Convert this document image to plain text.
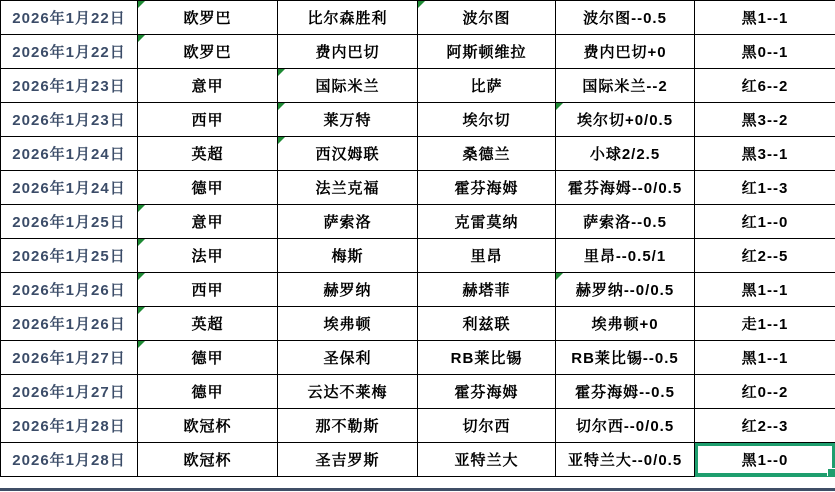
2026年1月22日	欧罗巴	比尔森胜利	波尔图	波尔图--0.5	黑1--1
2026年1月22日	欧罗巴	费内巴切	阿斯顿维拉	费内巴切+0	黑0--1
2026年1月23日	意甲	国际米兰	比萨	国际米兰--2	红6--2
2026年1月23日	西甲	莱万特	埃尔切	埃尔切+0/0.5	黑3--2
2026年1月24日	英超	西汉姆联	桑德兰	小球2/2.5	黑3--1
2026年1月24日	德甲	法兰克福	霍芬海姆	霍芬海姆--0/0.5	红1--3
2026年1月25日	意甲	萨索洛	克雷莫纳	萨索洛--0.5	红1--0
2026年1月25日	法甲	梅斯	里昂	里昂--0.5/1	红2--5
2026年1月26日	西甲	赫罗纳	赫塔菲	赫罗纳--0/0.5	黑1--1
2026年1月26日	英超	埃弗顿	利兹联	埃弗顿+0	走1--1
2026年1月27日	德甲	圣保利	RB莱比锡	RB莱比锡--0.5	黑1--1
2026年1月27日	德甲	云达不莱梅	霍芬海姆	霍芬海姆--0.5	红0--2
2026年1月28日	欧冠杯	那不勒斯	切尔西	切尔西--0/0.5	红2--3
2026年1月28日	欧冠杯	圣吉罗斯	亚特兰大	亚特兰大--0/0.5	黑1--0
